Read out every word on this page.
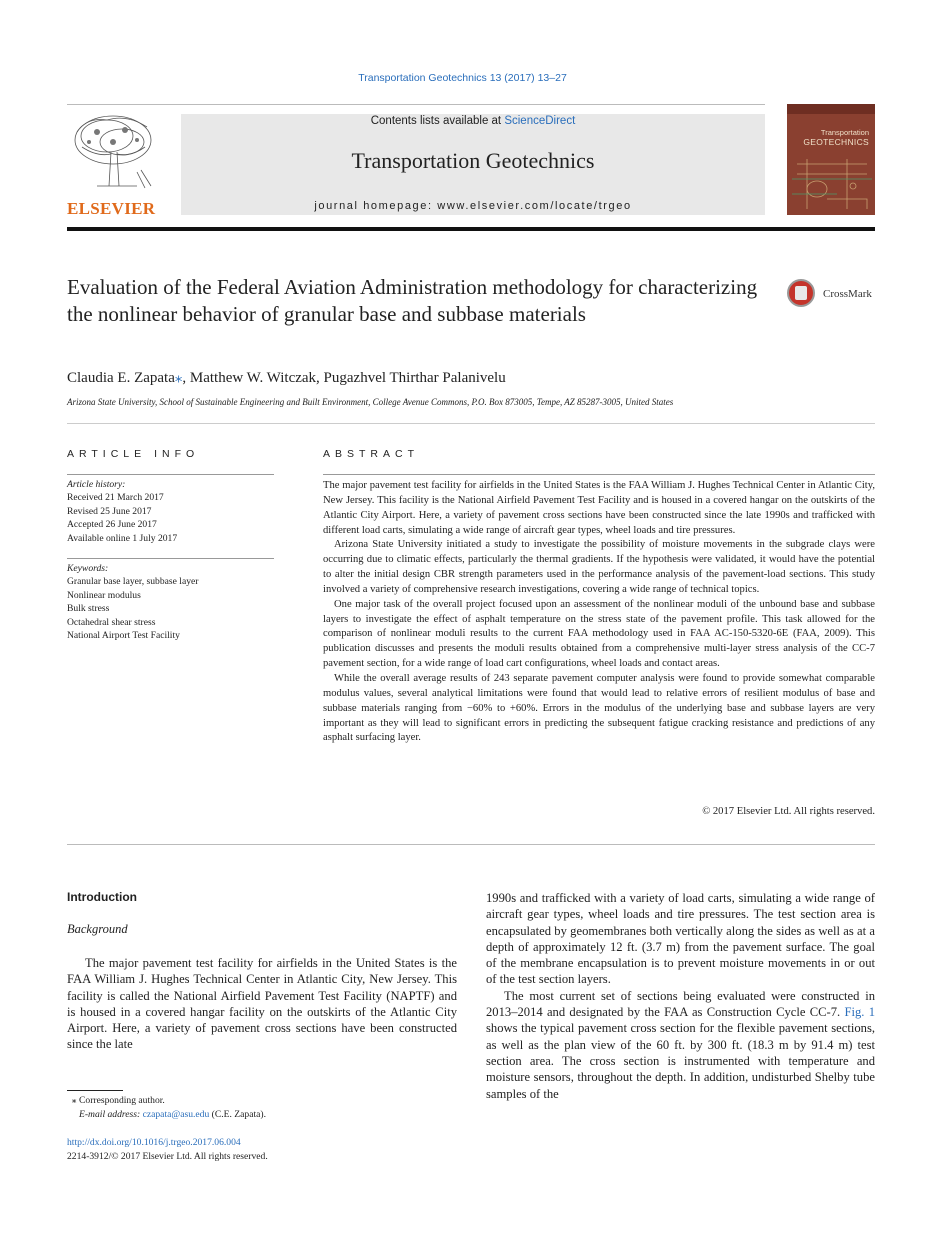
Transportation Geotechnics 13 (2017) 13–27
ELSEVIER
Contents lists available at ScienceDirect
Transportation Geotechnics
journal homepage: www.elsevier.com/locate/trgeo
Transportation
GEOTECHNICS
Evaluation of the Federal Aviation Administration methodology for characterizing the nonlinear behavior of granular base and subbase materials
CrossMark
Claudia E. Zapata⁎, Matthew W. Witczak, Pugazhvel Thirthar Palanivelu
Arizona State University, School of Sustainable Engineering and Built Environment, College Avenue Commons, P.O. Box 873005, Tempe, AZ 85287-3005, United States
ARTICLE INFO	ABSTRACT
Article history:
Received 21 March 2017
Revised 25 June 2017
Accepted 26 June 2017
Available online 1 July 2017
Keywords:
Granular base layer, subbase layer
Nonlinear modulus
Bulk stress
Octahedral shear stress
National Airport Test Facility

The major pavement test facility for airfields in the United States is the FAA William J. Hughes Technical Center in Atlantic City, New Jersey. This facility is the National Airfield Pavement Test Facility and is housed in a covered hangar on the outskirts of the Atlantic City Airport. Here, a variety of pavement cross sections have been constructed since the late 1990s and trafficked with different load carts, simulating a wide range of aircraft gear types, wheel loads and tire pressures.

Arizona State University initiated a study to investigate the possibility of moisture movements in the subgrade clays were occurring due to climatic effects, particularly the thermal gradients. If the hypothesis were validated, it would have the potential to alter the initial design CBR strength parameters used in the performance analysis of the pavement-load sections. This study involved a variety of comprehensive research investigations, covering a wide range of technical topics.

One major task of the overall project focused upon an assessment of the nonlinear moduli of the unbound base and subbase layers to investigate the effect of asphalt temperature on the stress state of the pavement profile. This task allowed for the comparison of nonlinear moduli results to the current FAA methodology used in FAA AC-150-5320-6E (FAA, 2009). This publication discusses and presents the moduli results obtained from a comprehensive multi-layer stress analysis of the CC-7 pavement section, for a wide range of load cart configurations, wheel loads and contact areas.

While the overall average results of 243 separate pavement computer analysis were found to provide somewhat comparable modulus values, several analytical limitations were found that would lead to relative errors of resilient modulus of base and subbase materials ranging from −60% to +60%. Errors in the modulus of the underlying base and subbase layers are very important as they will lead to significant errors in predicting the subsequent fatigue cracking resistance and predictions of any asphalt surfacing layer.

© 2017 Elsevier Ltd. All rights reserved.
Introduction
Background

The major pavement test facility for airfields in the United States is the FAA William J. Hughes Technical Center in Atlantic City, New Jersey. This facility is called the National Airfield Pavement Test Facility (NAPTF) and is housed in a covered hangar facility on the outskirts of the Atlantic City Airport. Here, a variety of pavement cross sections have been constructed since the late

1990s and trafficked with a variety of load carts, simulating a wide range of aircraft gear types, wheel loads and tire pressures. The test section area is encapsulated by geomembranes both vertically along the sides as well as at a depth of approximately 12 ft. (3.7 m) from the pavement surface. The goal of the membrane encapsulation is to prevent moisture movements in or out of the test section layers.

The most current set of sections being evaluated were constructed in 2013–2014 and designated by the FAA as Construction Cycle CC-7. Fig. 1 shows the typical pavement cross section for the flexible pavement sections, as well as the plan view of the 60 ft. by 300 ft. (18.3 m by 91.4 m) test section area. The cross section is instrumented with temperature and moisture sensors, throughout the depth. In addition, undisturbed Shelby tube samples of the

⁎ Corresponding author.
E-mail address: czapata@asu.edu (C.E. Zapata).
http://dx.doi.org/10.1016/j.trgeo.2017.06.004
2214-3912/© 2017 Elsevier Ltd. All rights reserved.
